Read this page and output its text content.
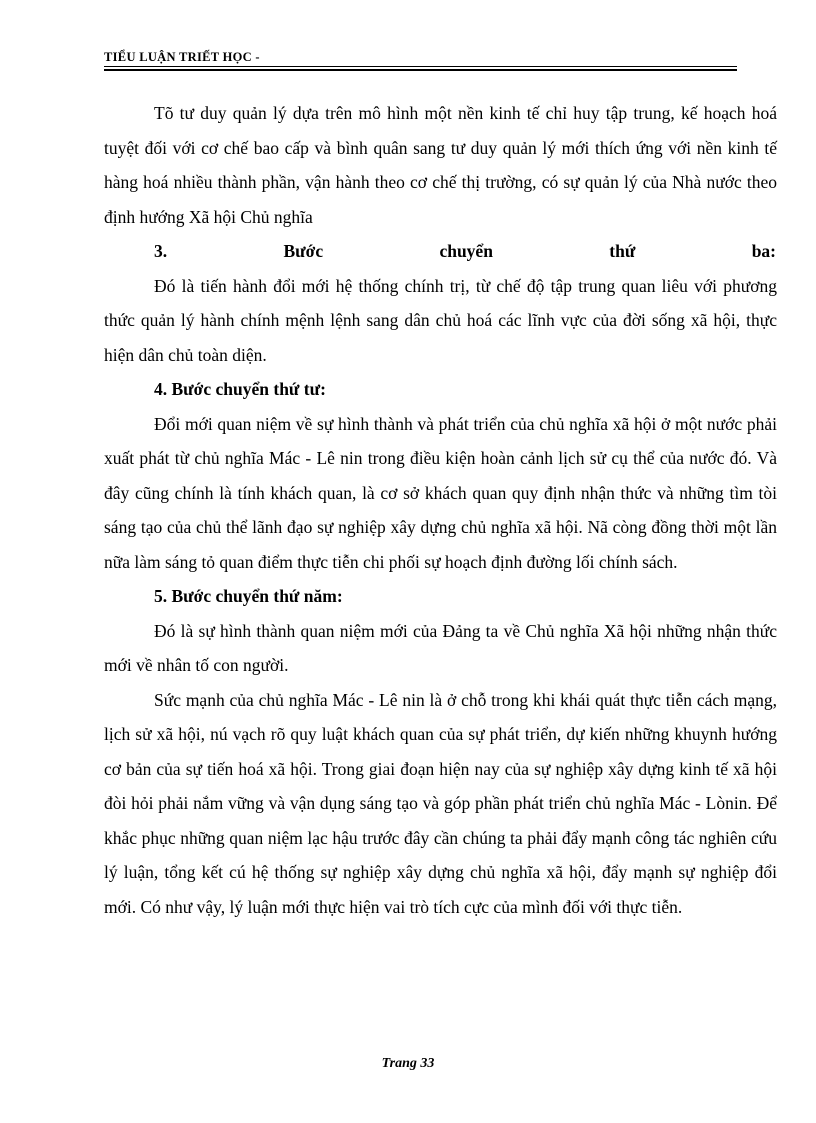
TIỂU LUẬN TRIẾT HỌC -

Tõ tư duy quản lý dựa trên mô hình một nền kinh tế chỉ huy tập trung, kế hoạch hoá tuyệt đối với cơ chế bao cấp và bình quân sang tư duy quản lý mới thích ứng với nền kinh tế hàng hoá nhiều thành phần, vận hành theo cơ chế thị trường, có sự quản lý của Nhà nước theo định hướng Xã hội Chủ nghĩa

3.	Bước	chuyển	thứ	ba:

Đó là tiến hành đổi mới hệ thống chính trị, từ chế độ tập trung quan liêu với phương thức quản lý hành chính mệnh lệnh sang dân chủ hoá các lĩnh vực của đời sống xã hội, thực hiện dân chủ toàn diện.

4. Bước chuyển thứ tư:

Đổi mới quan niệm về sự hình thành và phát triển của chủ nghĩa xã hội ở một nước phải xuất phát từ chủ nghĩa Mác - Lê nin trong điều kiện hoàn cảnh lịch sử cụ thể của nước đó. Và đây cũng chính là tính khách quan, là cơ sở khách quan quy định nhận thức và những tìm tòi sáng tạo của chủ thể lãnh đạo sự nghiệp xây dựng chủ nghĩa xã hội. Nã còng đồng thời một lần nữa làm sáng tỏ quan điểm thực tiễn chi phối sự hoạch định đường lối chính sách.

5. Bước chuyển thứ năm:

Đó là sự hình thành quan niệm mới của Đảng ta về Chủ nghĩa Xã hội những nhận thức mới về nhân tố con người.

Sức mạnh của chủ nghĩa Mác - Lê nin là ở chỗ trong khi khái quát thực tiễn cách mạng, lịch sử xã hội, nú vạch rõ quy luật khách quan của sự phát triển, dự kiến những khuynh hướng cơ bản của sự tiến hoá xã hội. Trong giai đoạn hiện nay của sự nghiệp xây dựng kinh tế xã hội đòi hỏi phải nắm vững và vận dụng sáng tạo và góp phần phát triển chủ nghĩa Mác - Lònin. Để khắc phục những quan niệm lạc hậu trước đây cần chúng ta phải đẩy mạnh công tác nghiên cứu lý luận, tổng kết cú hệ thống sự nghiệp xây dựng chủ nghĩa xã hội, đẩy mạnh sự nghiệp đổi mới. Có như vậy, lý luận mới thực hiện vai trò tích cực của mình đối với thực tiễn.

Trang 33
